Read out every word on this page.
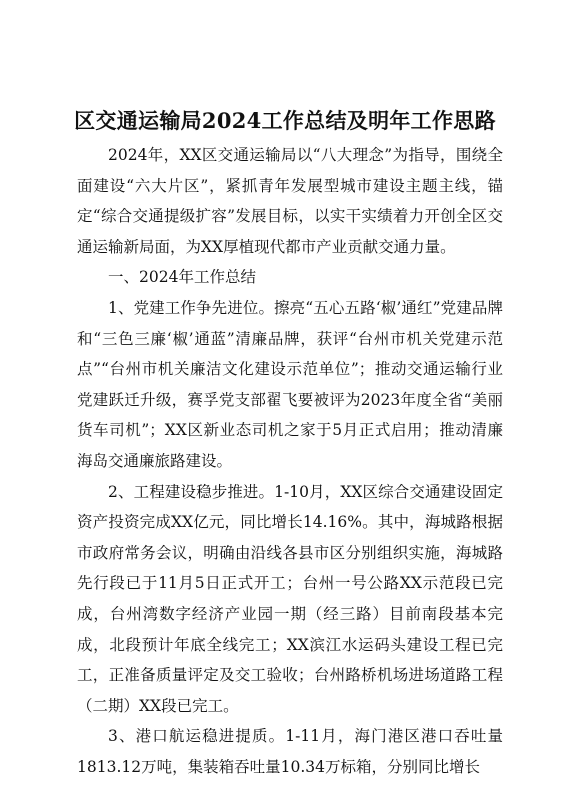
区交通运输局2024工作总结及明年工作思路

2024年，XX区交通运输局以“八大理念”为指导，围绕全面建设“六大片区”，紧抓青年发展型城市建设主题主线，锚定“综合交通提级扩容”发展目标，以实干实绩着力开创全区交通运输新局面，为XX厚植现代都市产业贡献交通力量。

一、2024年工作总结

1、党建工作争先进位。擦亮“五心五路‘椒’通红”党建品牌和“三色三廉‘椒’通蓝”清廉品牌，获评“台州市机关党建示范点”“台州市机关廉洁文化建设示范单位”；推动交通运输行业党建跃迁升级，赛孚党支部翟飞要被评为2023年度全省“美丽货车司机”；XX区新业态司机之家于5月正式启用；推动清廉海岛交通廉旅路建设。

2、工程建设稳步推进。1-10月，XX区综合交通建设固定资产投资完成XX亿元，同比增长14.16%。其中，海城路根据市政府常务会议，明确由沿线各县市区分别组织实施，海城路先行段已于11月5日正式开工；台州一号公路XX示范段已完成，台州湾数字经济产业园一期（经三路）目前南段基本完成，北段预计年底全线完工；XX滨江水运码头建设工程已完工，正准备质量评定及交工验收；台州路桥机场进场道路工程（二期）XX段已完工。

3、港口航运稳进提质。1-11月，海门港区港口吞吐量1813.12万吨，集装箱吞吐量10.34万标箱，分别同比增长
